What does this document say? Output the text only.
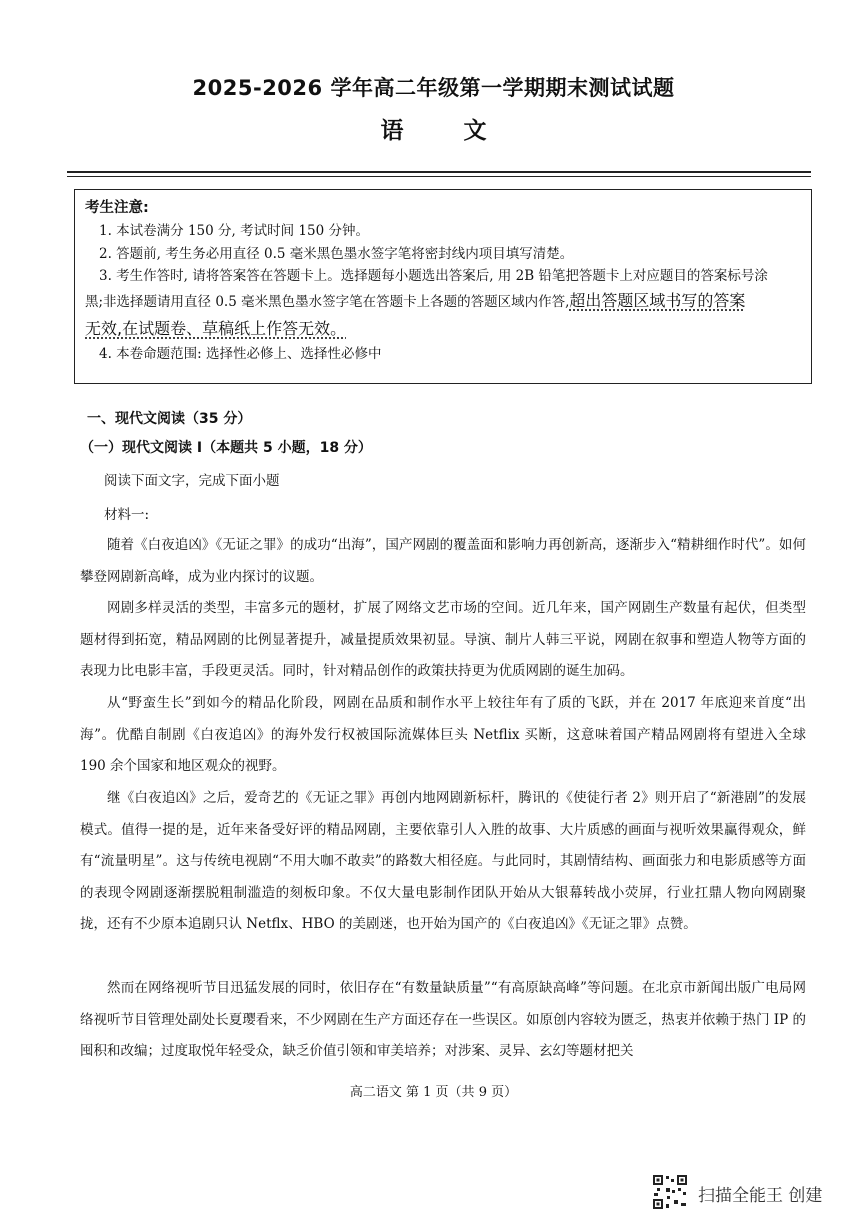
2025-2026 学年高二年级第一学期期末测试试题
语 文
考生注意:
1. 本试卷满分 150 分, 考试时间 150 分钟。
2. 答题前, 考生务必用直径 0.5 毫米黑色墨水签字笔将密封线内项目填写清楚。
3. 考生作答时, 请将答案答在答题卡上。选择题每小题选出答案后, 用 2B 铅笔把答题卡上对应题目的答案标号涂
黑;非选择题请用直径 0.5 毫米黑色墨水签字笔在答题卡上各题的答题区域内作答,超出答题区域书写的答案
无效,在试题卷、草稿纸上作答无效。
4. 本卷命题范围: 选择性必修上、选择性必修中
一、现代文阅读（35 分）
（一）现代文阅读 I（本题共 5 小题，18 分）
阅读下面文字，完成下面小题
材料一:

随着《白夜追凶》《无证之罪》的成功“出海”，国产网剧的覆盖面和影响力再创新高，逐渐步入“精耕细作时代”。如何攀登网剧新高峰，成为业内探讨的议题。

网剧多样灵活的类型，丰富多元的题材，扩展了网络文艺市场的空间。近几年来，国产网剧生产数量有起伏，但类型题材得到拓宽，精品网剧的比例显著提升，减量提质效果初显。导演、制片人韩三平说，网剧在叙事和塑造人物等方面的表现力比电影丰富，手段更灵活。同时，针对精品创作的政策扶持更为优质网剧的诞生加码。

从“野蛮生长”到如今的精品化阶段，网剧在品质和制作水平上较往年有了质的飞跃，并在 2017 年底迎来首度“出海”。优酷自制剧《白夜追凶》的海外发行权被国际流媒体巨头 Netflix 买断，这意味着国产精品网剧将有望进入全球 190 余个国家和地区观众的视野。

继《白夜追凶》之后，爱奇艺的《无证之罪》再创内地网剧新标杆，腾讯的《使徒行者 2》则开启了“新港剧”的发展模式。值得一提的是，近年来备受好评的精品网剧，主要依靠引人入胜的故事、大片质感的画面与视听效果赢得观众，鲜有“流量明星”。这与传统电视剧“不用大咖不敢卖”的路数大相径庭。与此同时，其剧情结构、画面张力和电影质感等方面的表现令网剧逐渐摆脱粗制滥造的刻板印象。不仅大量电影制作团队开始从大银幕转战小荧屏，行业扛鼎人物向网剧聚拢，还有不少原本追剧只认 Netflx、HBO 的美剧迷，也开始为国产的《白夜追凶》《无证之罪》点赞。

然而在网络视听节目迅猛发展的同时，依旧存在“有数量缺质量”“有高原缺高峰”等问题。在北京市新闻出版广电局网络视听节目管理处副处长夏璎看来，不少网剧在生产方面还存在一些误区。如原创内容较为匮乏，热衷并依赖于热门 IP 的囤积和改编；过度取悦年轻受众，缺乏价值引领和审美培养；对涉案、灵异、玄幻等题材把关

高二语文 第 1 页（共 9 页）
扫描全能王 创建
